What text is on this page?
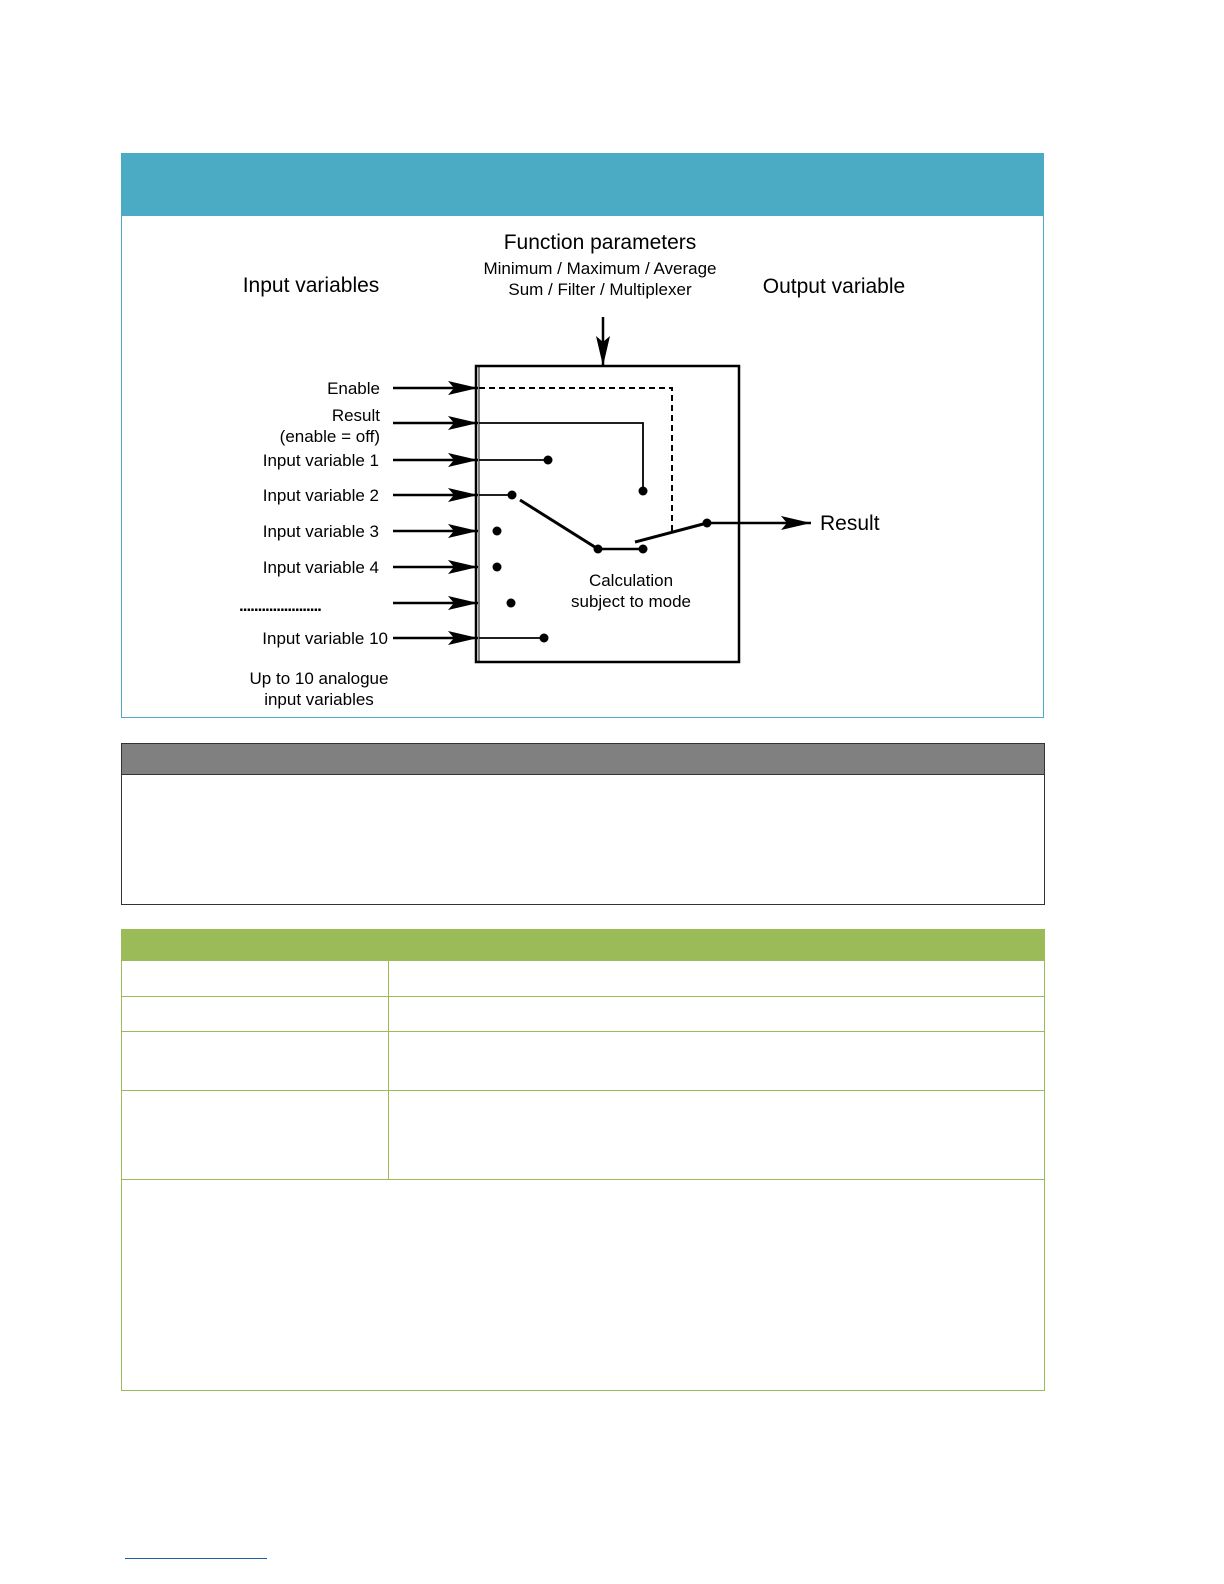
Function parameters
Minimum / Maximum / Average
Sum / Filter / Multiplexer
Input variables	Output variable
Enable
Result
(enable = off)
Input variable 1
Input variable 2
Input variable 3
Input variable 4
......................
Input variable 10
Result
Calculation
subject to mode
Up to 10 analogue
input variables
